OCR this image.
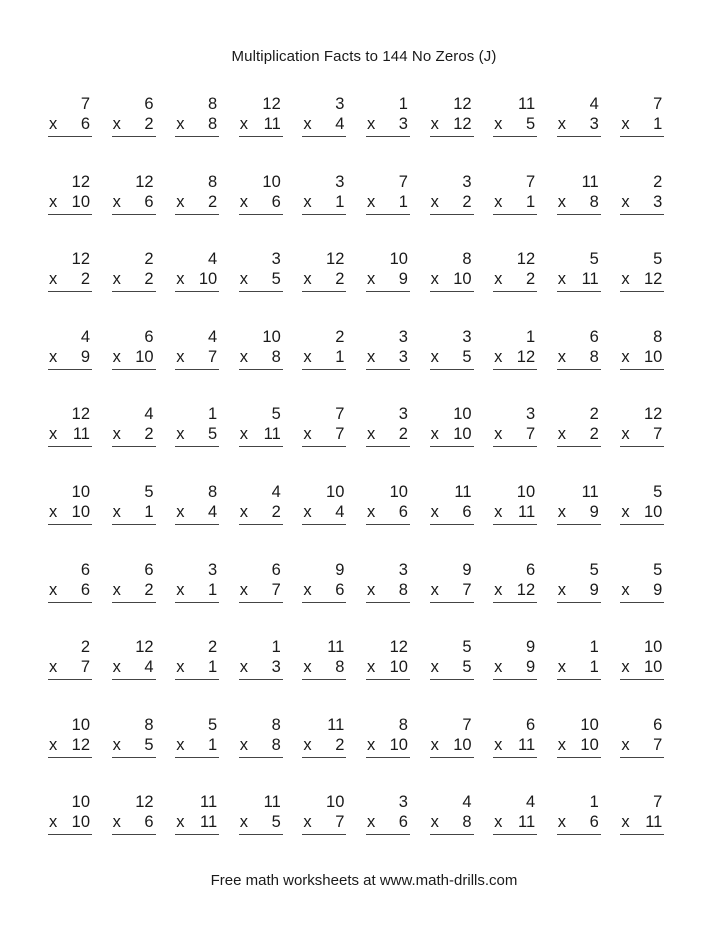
Multiplication Facts to 144 No Zeros (J)
7
x 6
6
x 2
8
x 8
12
x 11
3
x 4
1
x 3
12
x 12
11
x 5
4
x 3
7
x 1
12
x 10
12
x 6
8
x 2
10
x 6
3
x 1
7
x 1
3
x 2
7
x 1
11
x 8
2
x 3
12
x 2
2
x 2
4
x 10
3
x 5
12
x 2
10
x 9
8
x 10
12
x 2
5
x 11
5
x 12
4
x 9
6
x 10
4
x 7
10
x 8
2
x 1
3
x 3
3
x 5
1
x 12
6
x 8
8
x 10
12
x 11
4
x 2
1
x 5
5
x 11
7
x 7
3
x 2
10
x 10
3
x 7
2
x 2
12
x 7
10
x 10
5
x 1
8
x 4
4
x 2
10
x 4
10
x 6
11
x 6
10
x 11
11
x 9
5
x 10
6
x 6
6
x 2
3
x 1
6
x 7
9
x 6
3
x 8
9
x 7
6
x 12
5
x 9
5
x 9
2
x 7
12
x 4
2
x 1
1
x 3
11
x 8
12
x 10
5
x 5
9
x 9
1
x 1
10
x 10
10
x 12
8
x 5
5
x 1
8
x 8
11
x 2
8
x 10
7
x 10
6
x 11
10
x 10
6
x 7
10
x 10
12
x 6
11
x 11
11
x 5
10
x 7
3
x 6
4
x 8
4
x 11
1
x 6
7
x 11
Free math worksheets at www.math-drills.com
